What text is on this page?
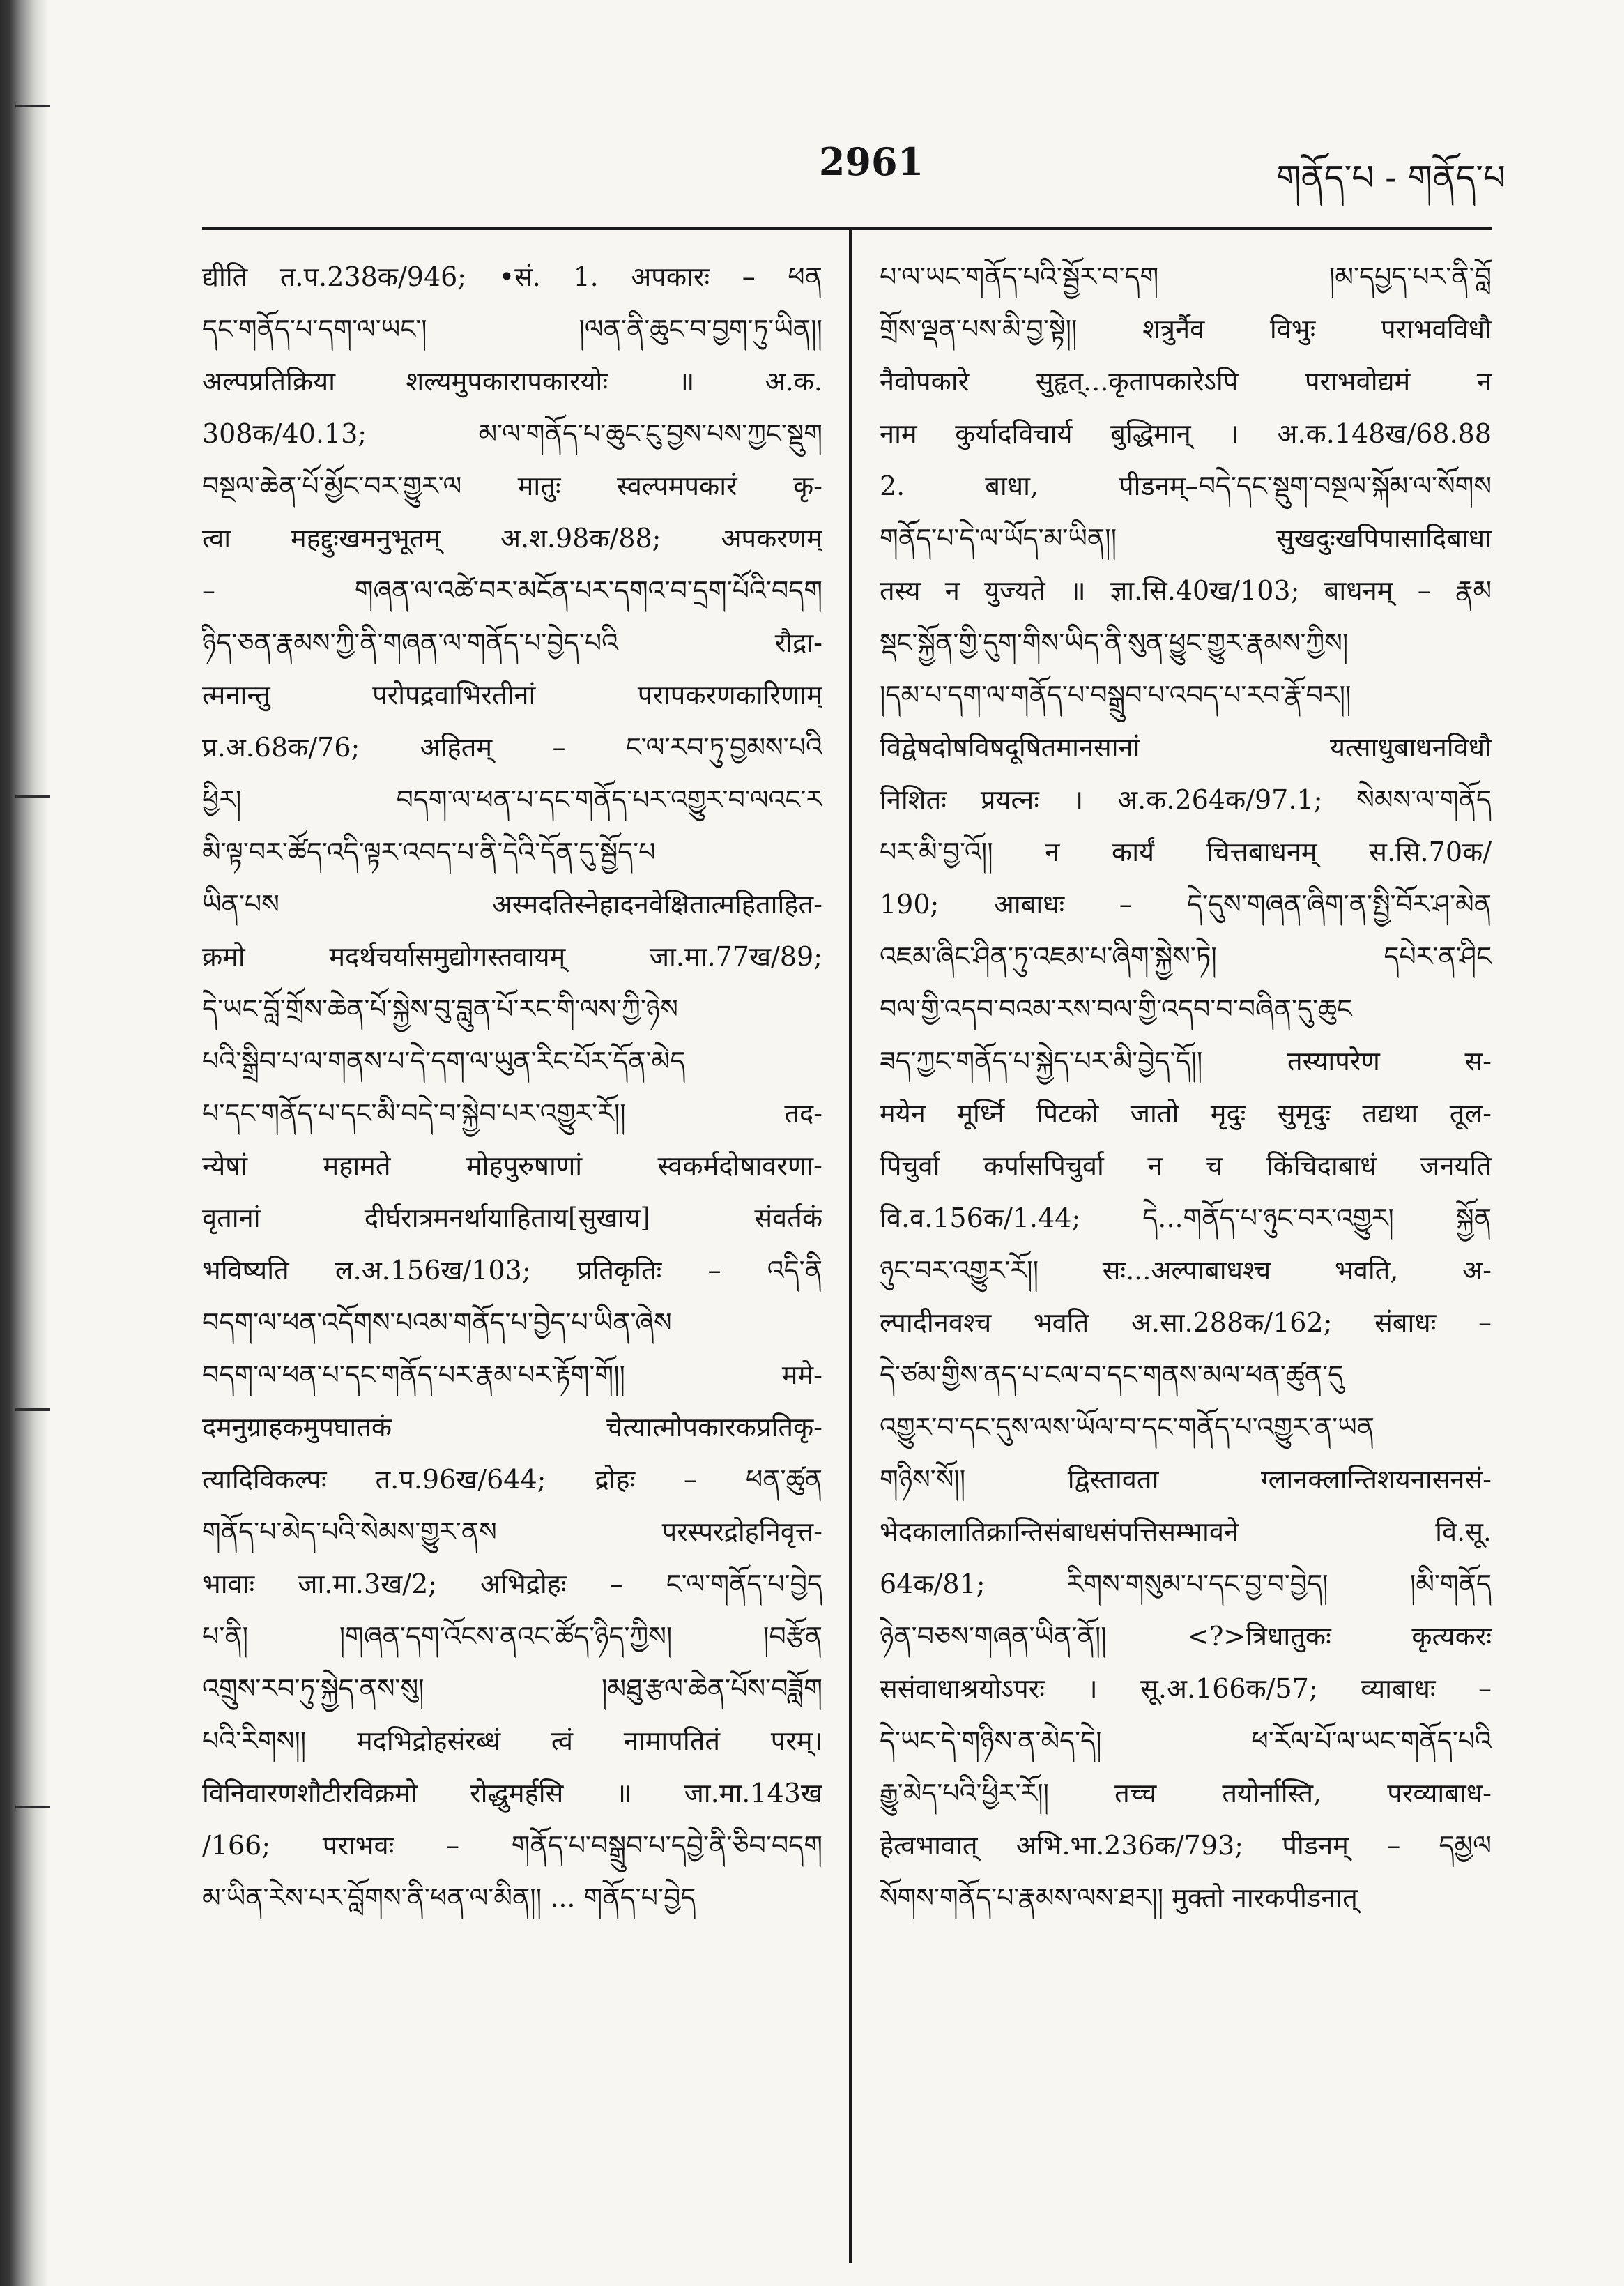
2961	གནོད་པ - གནོད་པ
द्यीति त.प.238क/946; •सं. 1. अपकारः – ཕན
དང་གནོད་པ་དག་ལ་ཡང་། །ལན་ནི་ཆུང་བ་བྱག་ཏུ་ཡིན།།
अल्पप्रतिक्रिया शल्यमुपकारापकारयोः ॥ अ.क.
308क/40.13; མ་ལ་གནོད་པ་ཆུང་ངུ་བྱས་པས་ཀྱང་སྡུག
བསྔལ་ཆེན་པོ་མྱོང་བར་གྱུར་ལ मातुः स्वल्पमपकारं कृ-
त्वा महद्दुःखमनुभूतम् अ.श.98क/88; अपकरणम्
– གཞན་ལ་འཚེ་བར་མངོན་པར་དགའ་བ་དྲག་པོའི་བདག
ཉིད་ཅན་རྣམས་ཀྱི་ནི་གཞན་ལ་གནོད་པ་བྱེད་པའི रौद्रा-
त्मनान्तु परोपद्रवाभिरतीनां परापकरणकारिणाम्
प्र.अ.68क/76; अहितम् – ང་ལ་རབ་ཏུ་བྱམས་པའི
ཕྱིར། བདག་ལ་ཕན་པ་དང་གནོད་པར་འགྱུར་བ་ལའང་ར
མི་ལྟ་བར་ཚོད་འདི་ལྟར་འབད་པ་ནི་དེའི་དོན་དུ་སྦྱོད་པ
ཡིན་པས अस्मदतिस्नेहादनवेक्षितात्महिताहित-
क्रमो मदर्थचर्यासमुद्योगस्तवायम् जा.मा.77ख/89;
དེ་ཡང་བློ་གྲོས་ཆེན་པོ་སྐྱེས་བུ་བླུན་པོ་རང་གི་ལས་ཀྱི་ཉེས
པའི་སྒྲིབ་པ་ལ་གནས་པ་དེ་དག་ལ་ཡུན་རིང་པོར་དོན་མེད
པ་དང་གནོད་པ་དང་མི་བདེ་བ་སྐྱེབ་པར་འགྱུར་རོ།། तद-
न्येषां महामते मोहपुरुषाणां स्वकर्मदोषावरणा-
वृतानां दीर्घरात्रमनर्थायाहिताय[सुखाय] संवर्तकं
भविष्यति ल.अ.156ख/103; प्रतिकृतिः – འདི་ནི
བདག་ལ་ཕན་འདོགས་པའམ་གནོད་པ་བྱེད་པ་ཡིན་ཞེས
བདག་ལ་ཕན་པ་དང་གནོད་པར་རྣམ་པར་རྟོག་གོ།། ममे-
दमनुग्राहकमुपघातकं चेत्यात्मोपकारकप्रतिकृ-
त्यादिविकल्पः त.प.96ख/644; द्रोहः – ཕན་ཚུན
གནོད་པ་མེད་པའི་སེམས་གྱུར་ནས परस्परद्रोहनिवृत्त-
भावाः जा.मा.3ख/2; अभिद्रोहः – ང་ལ་གནོད་པ་བྱེད
པ་ནི། །གཞན་དག་འོངས་ནའང་ཚོད་ཉིད་ཀྱིས། །བརྩོན
འགྲུས་རབ་ཏུ་སྐྱེད་ནས་སུ། །མཐུ་རྩལ་ཆེན་པོས་བཟློག
པའི་རིགས།། मदभिद्रोहसंरब्धं त्वं नामापतितं परम्।
विनिवारणशौटीरविक्रमो रोद्धुमर्हसि ॥ जा.मा.143ख
/166; पराभवः – གནོད་པ་བསྒྲུབ་པ་དབྱེ་ནི་ཅིབ་བདག
མ་ཡིན་རེས་པར་བློགས་ནི་ཕན་ལ་མིན།། ... གནོད་པ་བྱེད
པ་ལ་ཡང་གནོད་པའི་སྦྱོར་བ་དག །མ་དཔྱད་པར་ནི་བློ
གྲོས་ལྡན་པས་མི་བྱ་སྟེ།། शत्रुर्नैव विभुः पराभवविधौ
नैवोपकारे सुहृत्...कृतापकारेऽपि पराभवोद्यमं न
नाम कुर्यादविचार्य बुद्धिमान् । अ.क.148ख/68.88
2. बाधा, पीडनम्–བདེ་དང་སྡུག་བསྔལ་སྐོམ་ལ་སོགས
གནོད་པ་དེ་ལ་ཡོད་མ་ཡིན།། सुखदुःखपिपासादिबाधा
तस्य न युज्यते ॥ ज्ञा.सि.40ख/103; बाधनम् – རྣམ
སྡང་སྐྱོན་གྱི་དུག་གིས་ཡིད་ནི་སུན་ཕྱུང་གྱུར་རྣམས་ཀྱིས།
།དམ་པ་དག་ལ་གནོད་པ་བསྒྲུབ་པ་འབད་པ་རབ་རྣོ་བར།།
विद्वेषदोषविषदूषितमानसानां यत्साधुबाधनविधौ
निशितः प्रयत्नः । अ.क.264क/97.1; སེམས་ལ་གནོད
པར་མི་བྱ་འོ།། न कार्यं चित्तबाधनम् स.सि.70क/
190; आबाधः – དེ་དུས་གཞན་ཞིག་ན་སྤྱི་བོར་ཤ་མེན
འཇམ་ཞིང་ཤིན་ཏུ་འཇམ་པ་ཞིག་སྐྱེས་ཏེ། དཔེར་ན་ཤིང
བལ་གྱི་འདབ་བའམ་རས་བལ་གྱི་འདབ་བ་བཞིན་དུ་ཆུང
ཟད་ཀྱང་གནོད་པ་སྐྱེད་པར་མི་བྱེད་དོ།། तस्यापरेण स-
मयेन मूर्ध्नि पिटको जातो मृदुः सुमृदुः तद्यथा तूल-
पिचुर्वा कर्पासपिचुर्वा न च किंचिदाबाधं जनयति
वि.व.156क/1.44; དེ...གནོད་པ་ཉུང་བར་འགྱུར། སྐྱོན
ཉུང་བར་འགྱུར་རོ།། सः...अल्पाबाधश्च भवति, अ-
ल्पादीनवश्च भवति अ.सा.288क/162; संबाधः –
དེ་ཙམ་གྱིས་ནད་པ་ངལ་བ་དང་གནས་མལ་ཕན་ཚུན་དུ
འགྱུར་བ་དང་དུས་ལས་ཡོལ་བ་དང་གནོད་པ་འགྱུར་ན་ཡན
གཉིས་སོ།། द्विस्तावता ग्लानक्लान्तिशयनासनसं-
भेदकालातिक्रान्तिसंबाधसंपत्तिसम्भावने वि.सू.
64क/81; རིགས་གསུམ་པ་དང་བྱ་བ་བྱེད། །མི་གནོད
ཉེན་བཅས་གཞན་ཡིན་ནོ།། <?>त्रिधातुकः कृत्यकरः
ससंवाधाश्रयोऽपरः । सू.अ.166क/57; व्याबाधः –
དེ་ཡང་དེ་གཉིས་ན་མེད་དེ། ཕ་རོལ་པོ་ལ་ཡང་གནོད་པའི
རྒྱུ་མེད་པའི་ཕྱིར་རོ།། तच्च तयोर्नास्ति, परव्याबाध-
हेत्वभावात् अभि.भा.236क/793; पीडनम् – དམྱལ
སོགས་གནོད་པ་རྣམས་ལས་ཐར།། मुक्तो नारकपीडनात्
